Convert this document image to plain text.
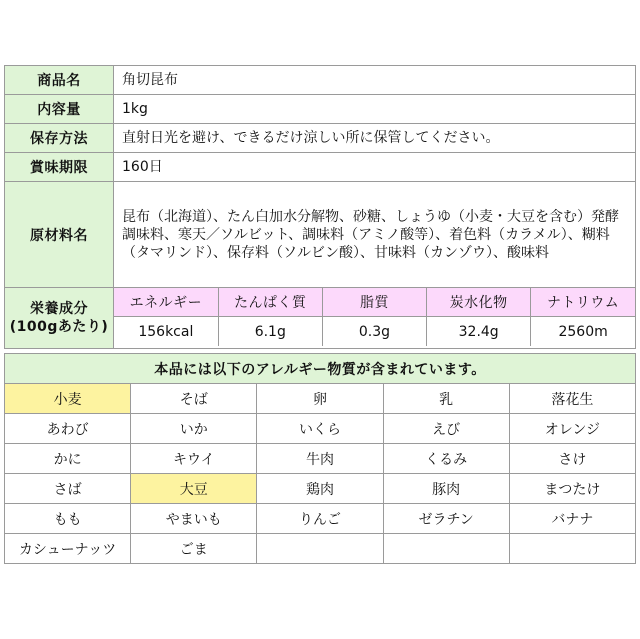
商品名	角切昆布
内容量	1kg
保存方法	直射日光を避け、できるだけ涼しい所に保管してください。
賞味期限	160日
原材料名	昆布（北海道）、たん白加水分解物、砂糖、しょうゆ（小麦・大豆を含む）発酵調味料、寒天／ソルビット、調味料（アミノ酸等）、着色料（カラメル）、糊料（タマリンド）、保存料（ソルビン酸）、甘味料（カンゾウ）、酸味料

栄養成分
(100gあたり)

エネルギー	たんぱく質	脂質	炭水化物	ナトリウム
156kcal	6.1g	0.3g	32.4g	2560m
本品には以下のアレルギー物質が含まれています。				
小麦	そば	卵	乳	落花生
あわび	いか	いくら	えび	オレンジ
かに	キウイ	牛肉	くるみ	さけ
さば	大豆	鶏肉	豚肉	まつたけ
もも	やまいも	りんご	ゼラチン	バナナ
カシューナッツ	ごま			
